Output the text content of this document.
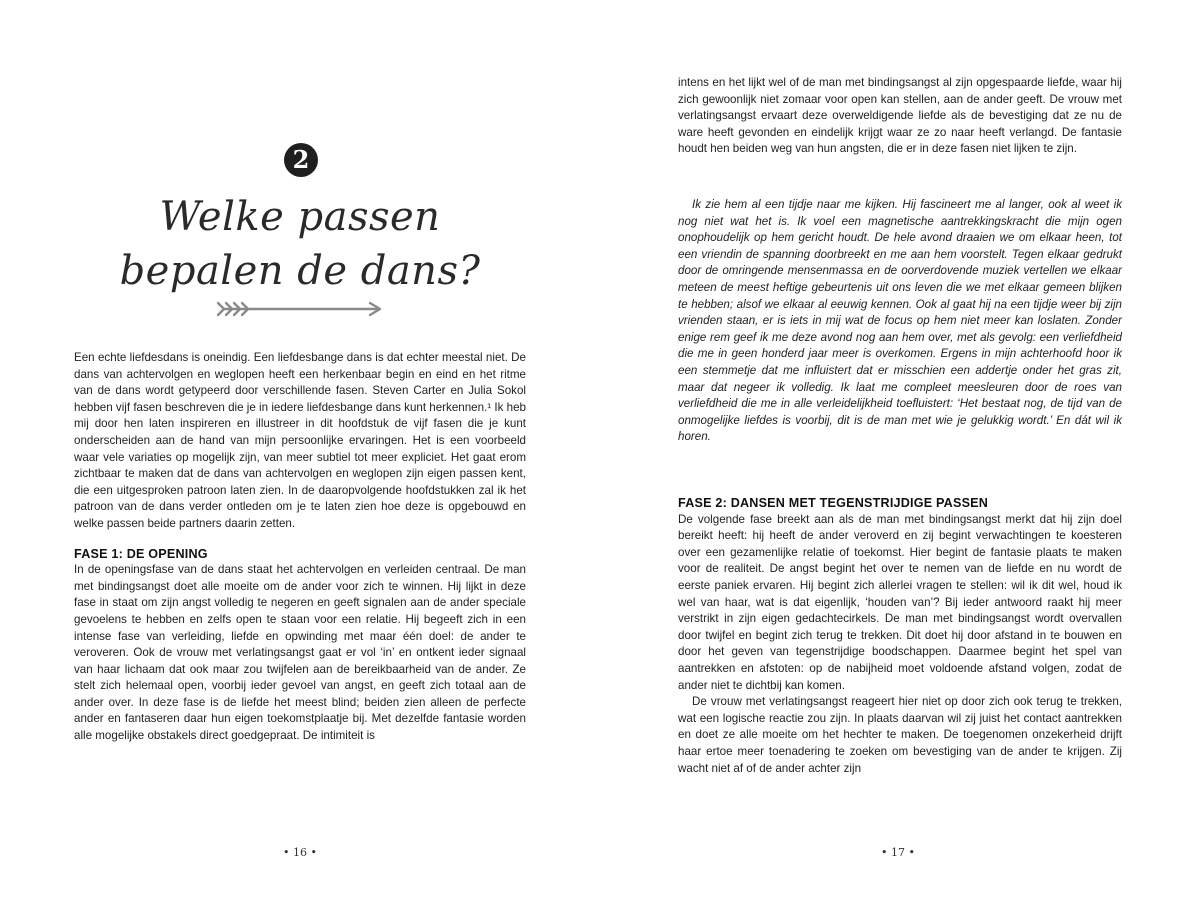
2
Welke passen
bepalen de dans?

Een echte liefdesdans is oneindig. Een liefdesbange dans is dat echter meestal niet. De dans van achtervolgen en weglopen heeft een herkenbaar begin en eind en het ritme van de dans wordt getypeerd door verschillende fasen. Steven Carter en Julia Sokol hebben vijf fasen beschreven die je in iedere liefdesbange dans kunt herkennen.¹ Ik heb mij door hen laten inspireren en illustreer in dit hoofdstuk de vijf fasen die je kunt onderscheiden aan de hand van mijn persoonlijke ervaringen. Het is een voorbeeld waar vele variaties op mogelijk zijn, van meer subtiel tot meer expliciet. Het gaat erom zichtbaar te maken dat de dans van achtervolgen en weglopen zijn eigen passen kent, die een uitgesproken patroon laten zien. In de daaropvolgende hoofdstukken zal ik het patroon van de dans verder ontleden om je te laten zien hoe deze is opgebouwd en welke passen beide partners daarin zetten.

FASE 1: DE OPENING

In de openingsfase van de dans staat het achtervolgen en verleiden centraal. De man met bindingsangst doet alle moeite om de ander voor zich te winnen. Hij lijkt in deze fase in staat om zijn angst volledig te negeren en geeft signalen aan de ander speciale gevoelens te hebben en zelfs open te staan voor een relatie. Hij begeeft zich in een intense fase van verleiding, liefde en opwinding met maar één doel: de ander te veroveren. Ook de vrouw met verlatingsangst gaat er vol ‘in’ en ontkent ieder signaal van haar lichaam dat ook maar zou twijfelen aan de bereikbaarheid van de ander. Ze stelt zich helemaal open, voorbij ieder gevoel van angst, en geeft zich totaal aan de ander over. In deze fase is de liefde het meest blind; beiden zien alleen de perfecte ander en fantaseren daar hun eigen toekomstplaatje bij. Met dezelfde fantasie worden alle mogelijke obstakels direct goedgepraat. De intimiteit is

• 16 •

intens en het lijkt wel of de man met bindingsangst al zijn opgespaarde liefde, waar hij zich gewoonlijk niet zomaar voor open kan stellen, aan de ander geeft. De vrouw met verlatingsangst ervaart deze overweldigende liefde als de bevestiging dat ze nu de ware heeft gevonden en eindelijk krijgt waar ze zo naar heeft verlangd. De fantasie houdt hen beiden weg van hun angsten, die er in deze fasen niet lijken te zijn.

Ik zie hem al een tijdje naar me kijken. Hij fascineert me al langer, ook al weet ik nog niet wat het is. Ik voel een magnetische aantrekkingskracht die mijn ogen onophoudelijk op hem gericht houdt. De hele avond draaien we om elkaar heen, tot een vriendin de spanning doorbreekt en me aan hem voorstelt. Tegen elkaar gedrukt door de omringende mensenmassa en de oorverdovende muziek vertellen we elkaar meteen de meest heftige gebeurtenis uit ons leven die we met elkaar gemeen blijken te hebben; alsof we elkaar al eeuwig kennen. Ook al gaat hij na een tijdje weer bij zijn vrienden staan, er is iets in mij wat de focus op hem niet meer kan loslaten. Zonder enige rem geef ik me deze avond nog aan hem over, met als gevolg: een verliefdheid die me in geen honderd jaar meer is overkomen. Ergens in mijn achterhoofd hoor ik een stemmetje dat me influistert dat er misschien een addertje onder het gras zit, maar dat negeer ik volledig. Ik laat me compleet meesleuren door de roes van verliefdheid die me in alle verleidelijkheid toefluistert: ‘Het bestaat nog, de tijd van de onmogelijke liefdes is voorbij, dit is de man met wie je gelukkig wordt.’ En dát wil ik horen.

FASE 2: DANSEN MET TEGENSTRIJDIGE PASSEN

De volgende fase breekt aan als de man met bindingsangst merkt dat hij zijn doel bereikt heeft: hij heeft de ander veroverd en zij begint verwachtingen te koesteren over een gezamenlijke relatie of toekomst. Hier begint de fantasie plaats te maken voor de realiteit. De angst begint het over te nemen van de liefde en nu wordt de eerste paniek ervaren. Hij begint zich allerlei vragen te stellen: wil ik dit wel, houd ik wel van haar, wat is dat eigenlijk, ‘houden van’? Bij ieder antwoord raakt hij meer verstrikt in zijn eigen gedachtecirkels. De man met bindingsangst wordt overvallen door twijfel en begint zich terug te trekken. Dit doet hij door afstand in te bouwen en door het geven van tegenstrijdige boodschappen. Daarmee begint het spel van aantrekken en afstoten: op de nabijheid moet voldoende afstand volgen, zodat de ander niet te dichtbij kan komen.

De vrouw met verlatingsangst reageert hier niet op door zich ook terug te trekken, wat een logische reactie zou zijn. In plaats daarvan wil zij juist het contact aantrekken en doet ze alle moeite om het hechter te maken. De toegenomen onzekerheid drijft haar ertoe meer toenadering te zoeken om bevestiging van de ander te krijgen. Zij wacht niet af of de ander achter zijn

• 17 •
